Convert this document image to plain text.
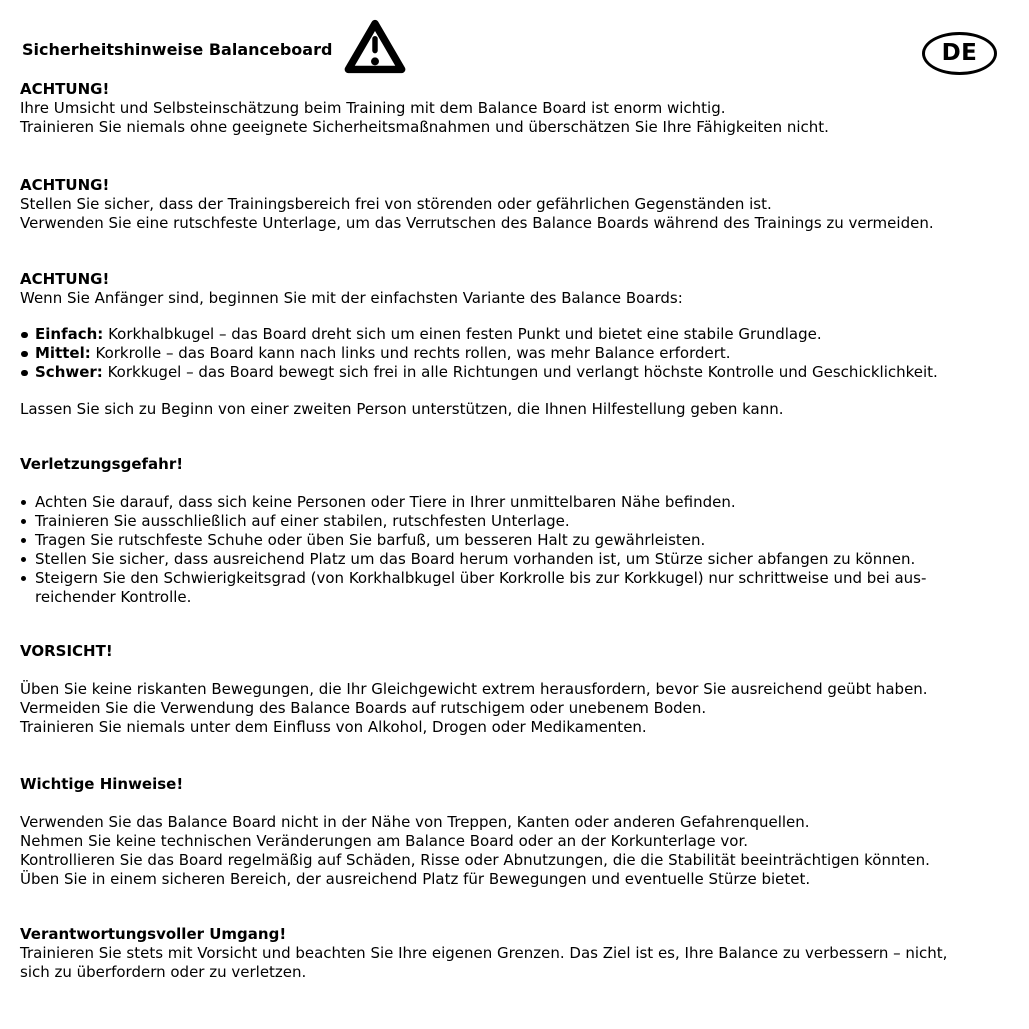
Sicherheitshinweise Balanceboard	DE
ACHTUNG!
Ihre Umsicht und Selbsteinschätzung beim Training mit dem Balance Board ist enorm wichtig.
Trainieren Sie niemals ohne geeignete Sicherheitsmaßnahmen und überschätzen Sie Ihre Fähigkeiten nicht.
ACHTUNG!
Stellen Sie sicher, dass der Trainingsbereich frei von störenden oder gefährlichen Gegenständen ist.
Verwenden Sie eine rutschfeste Unterlage, um das Verrutschen des Balance Boards während des Trainings zu vermeiden.
ACHTUNG!
Wenn Sie Anfänger sind, beginnen Sie mit der einfachsten Variante des Balance Boards:
Einfach: Korkhalbkugel – das Board dreht sich um einen festen Punkt und bietet eine stabile Grundlage.
Mittel: Korkrolle – das Board kann nach links und rechts rollen, was mehr Balance erfordert.
Schwer: Korkkugel – das Board bewegt sich frei in alle Richtungen und verlangt höchste Kontrolle und Geschicklichkeit.
Lassen Sie sich zu Beginn von einer zweiten Person unterstützen, die Ihnen Hilfestellung geben kann.
Verletzungsgefahr!
Achten Sie darauf, dass sich keine Personen oder Tiere in Ihrer unmittelbaren Nähe befinden.
Trainieren Sie ausschließlich auf einer stabilen, rutschfesten Unterlage.
Tragen Sie rutschfeste Schuhe oder üben Sie barfuß, um besseren Halt zu gewährleisten.
Stellen Sie sicher, dass ausreichend Platz um das Board herum vorhanden ist, um Stürze sicher abfangen zu können.
Steigern Sie den Schwierigkeitsgrad (von Korkhalbkugel über Korkrolle bis zur Korkkugel) nur schrittweise und bei aus-
reichender Kontrolle.
VORSICHT!
Üben Sie keine riskanten Bewegungen, die Ihr Gleichgewicht extrem herausfordern, bevor Sie ausreichend geübt haben.
Vermeiden Sie die Verwendung des Balance Boards auf rutschigem oder unebenem Boden.
Trainieren Sie niemals unter dem Einfluss von Alkohol, Drogen oder Medikamenten.
Wichtige Hinweise!
Verwenden Sie das Balance Board nicht in der Nähe von Treppen, Kanten oder anderen Gefahrenquellen.
Nehmen Sie keine technischen Veränderungen am Balance Board oder an der Korkunterlage vor.
Kontrollieren Sie das Board regelmäßig auf Schäden, Risse oder Abnutzungen, die die Stabilität beeinträchtigen könnten.
Üben Sie in einem sicheren Bereich, der ausreichend Platz für Bewegungen und eventuelle Stürze bietet.
Verantwortungsvoller Umgang!
Trainieren Sie stets mit Vorsicht und beachten Sie Ihre eigenen Grenzen. Das Ziel ist es, Ihre Balance zu verbessern – nicht,
sich zu überfordern oder zu verletzen.
